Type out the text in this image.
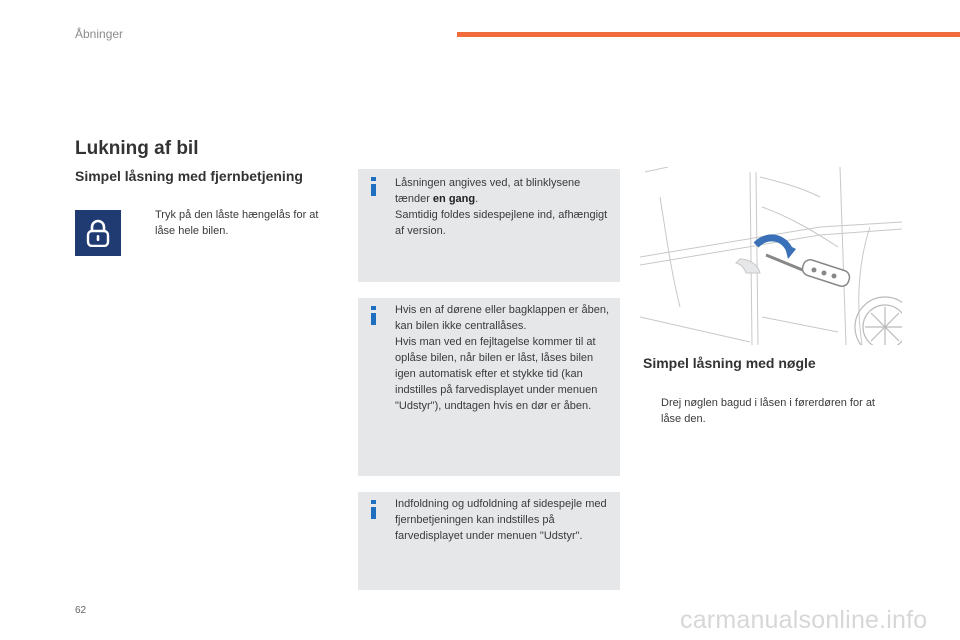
Åbninger
Lukning af bil
Simpel låsning med fjernbetjening
Tryk på den låste hængelås for at låse hele bilen.
Låsningen angives ved, at blinklysene tænder en gang.
Samtidig foldes sidespejlene ind, afhængigt af version.
Hvis en af dørene eller bagklappen er åben, kan bilen ikke centrallåses.
Hvis man ved en fejltagelse kommer til at oplåse bilen, når bilen er låst, låses bilen igen automatisk efter et stykke tid (kan indstilles på farvedisplayet under menuen "Udstyr"), undtagen hvis en dør er åben.
Indfoldning og udfoldning af sidespejle med fjernbetjeningen kan indstilles på farvedisplayet under menuen "Udstyr".
Simpel låsning med nøgle
Drej nøglen bagud i låsen i førerdøren for at låse den.
62	carmanualsonline.info
